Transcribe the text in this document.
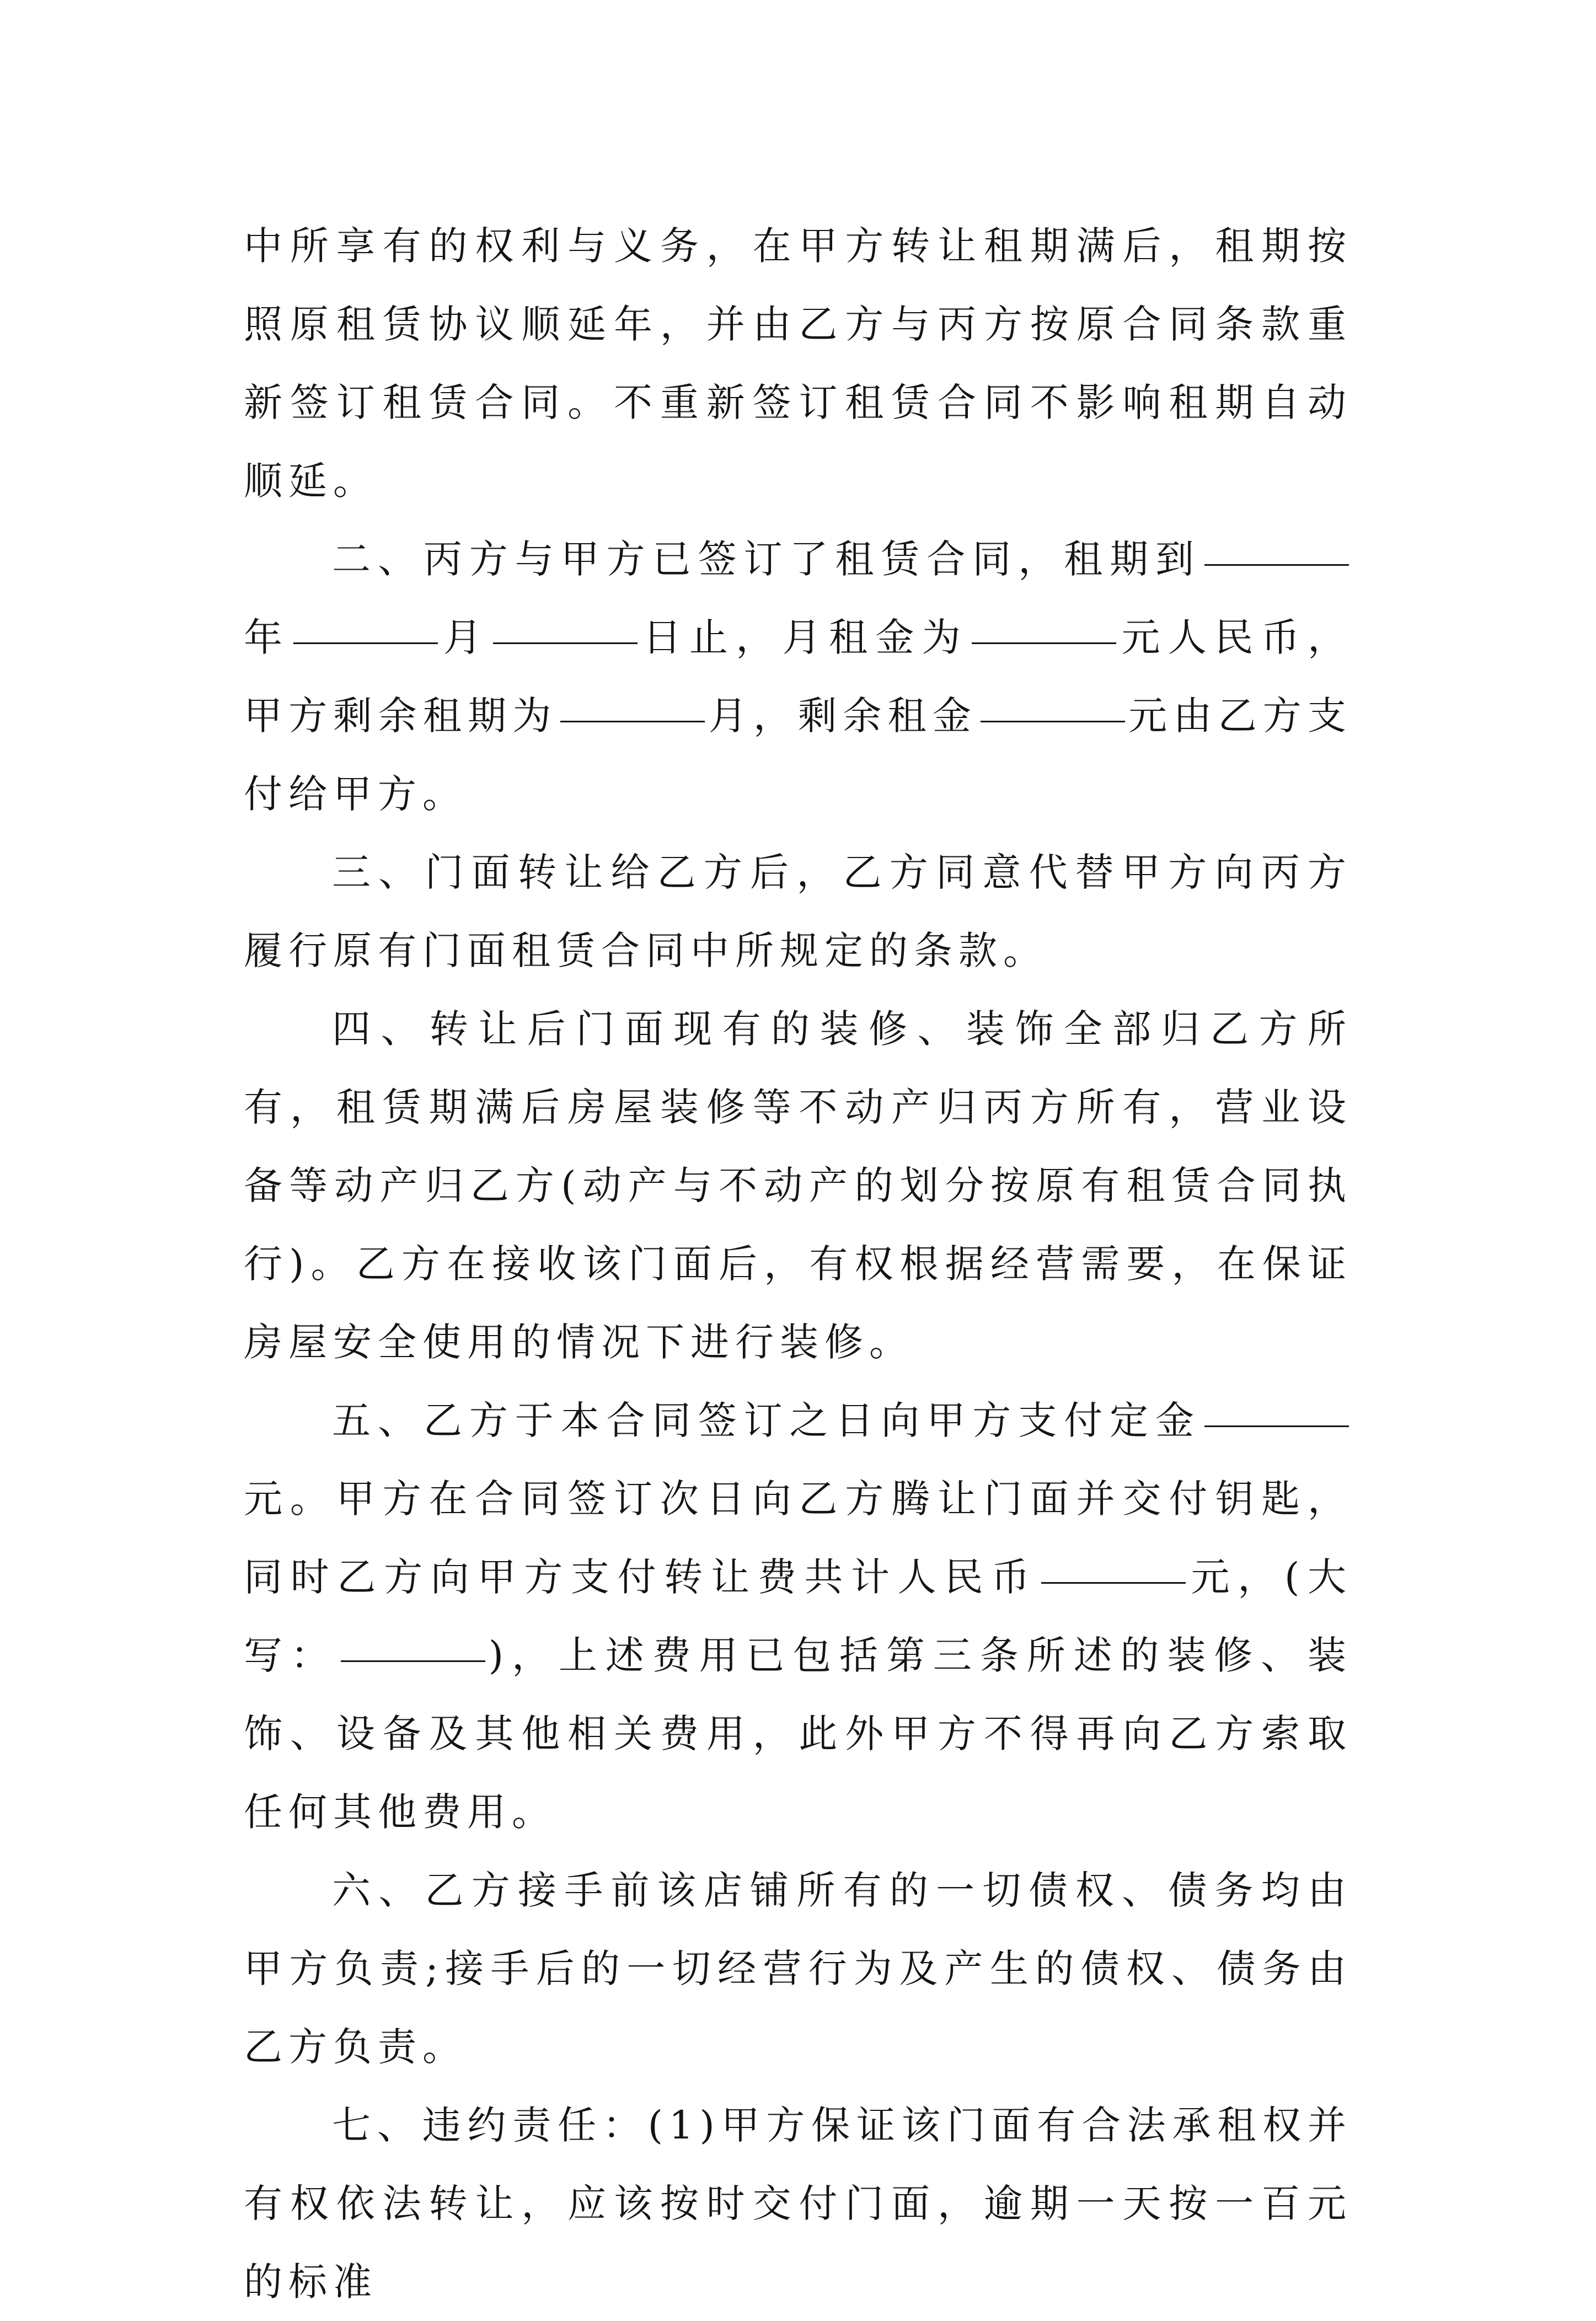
中所享有的权利与义务，在甲方转让租期满后，租期按照原租赁协议顺延年，并由乙方与丙方按原合同条款重新签订租赁合同。不重新签订租赁合同不影响租期自动顺延。

二、丙方与甲方已签订了租赁合同，租期到年	月	日止，月租金为	元人民币，甲方剩余租期为	月，剩余租金	元由乙方支付给甲方。

三、门面转让给乙方后，乙方同意代替甲方向丙方履行原有门面租赁合同中所规定的条款。

四、转让后门面现有的装修、装饰全部归乙方所有，租赁期满后房屋装修等不动产归丙方所有，营业设备等动产归乙方(动产与不动产的划分按原有租赁合同执行)。乙方在接收该门面后，有权根据经营需要，在保证房屋安全使用的情况下进行装修。

五、乙方于本合同签订之日向甲方支付定金元。甲方在合同签订次日向乙方腾让门面并交付钥匙，同时乙方向甲方支付转让费共计人民币	元，(大写：	)，上述费用已包括第三条所述的装修、装饰、设备及其他相关费用，此外甲方不得再向乙方索取任何其他费用。

六、乙方接手前该店铺所有的一切债权、债务均由甲方负责;接手后的一切经营行为及产生的债权、债务由乙方负责。

七、违约责任：(1)甲方保证该门面有合法承租权并有权依法转让，应该按时交付门面，逾期一天按一百元的标准
